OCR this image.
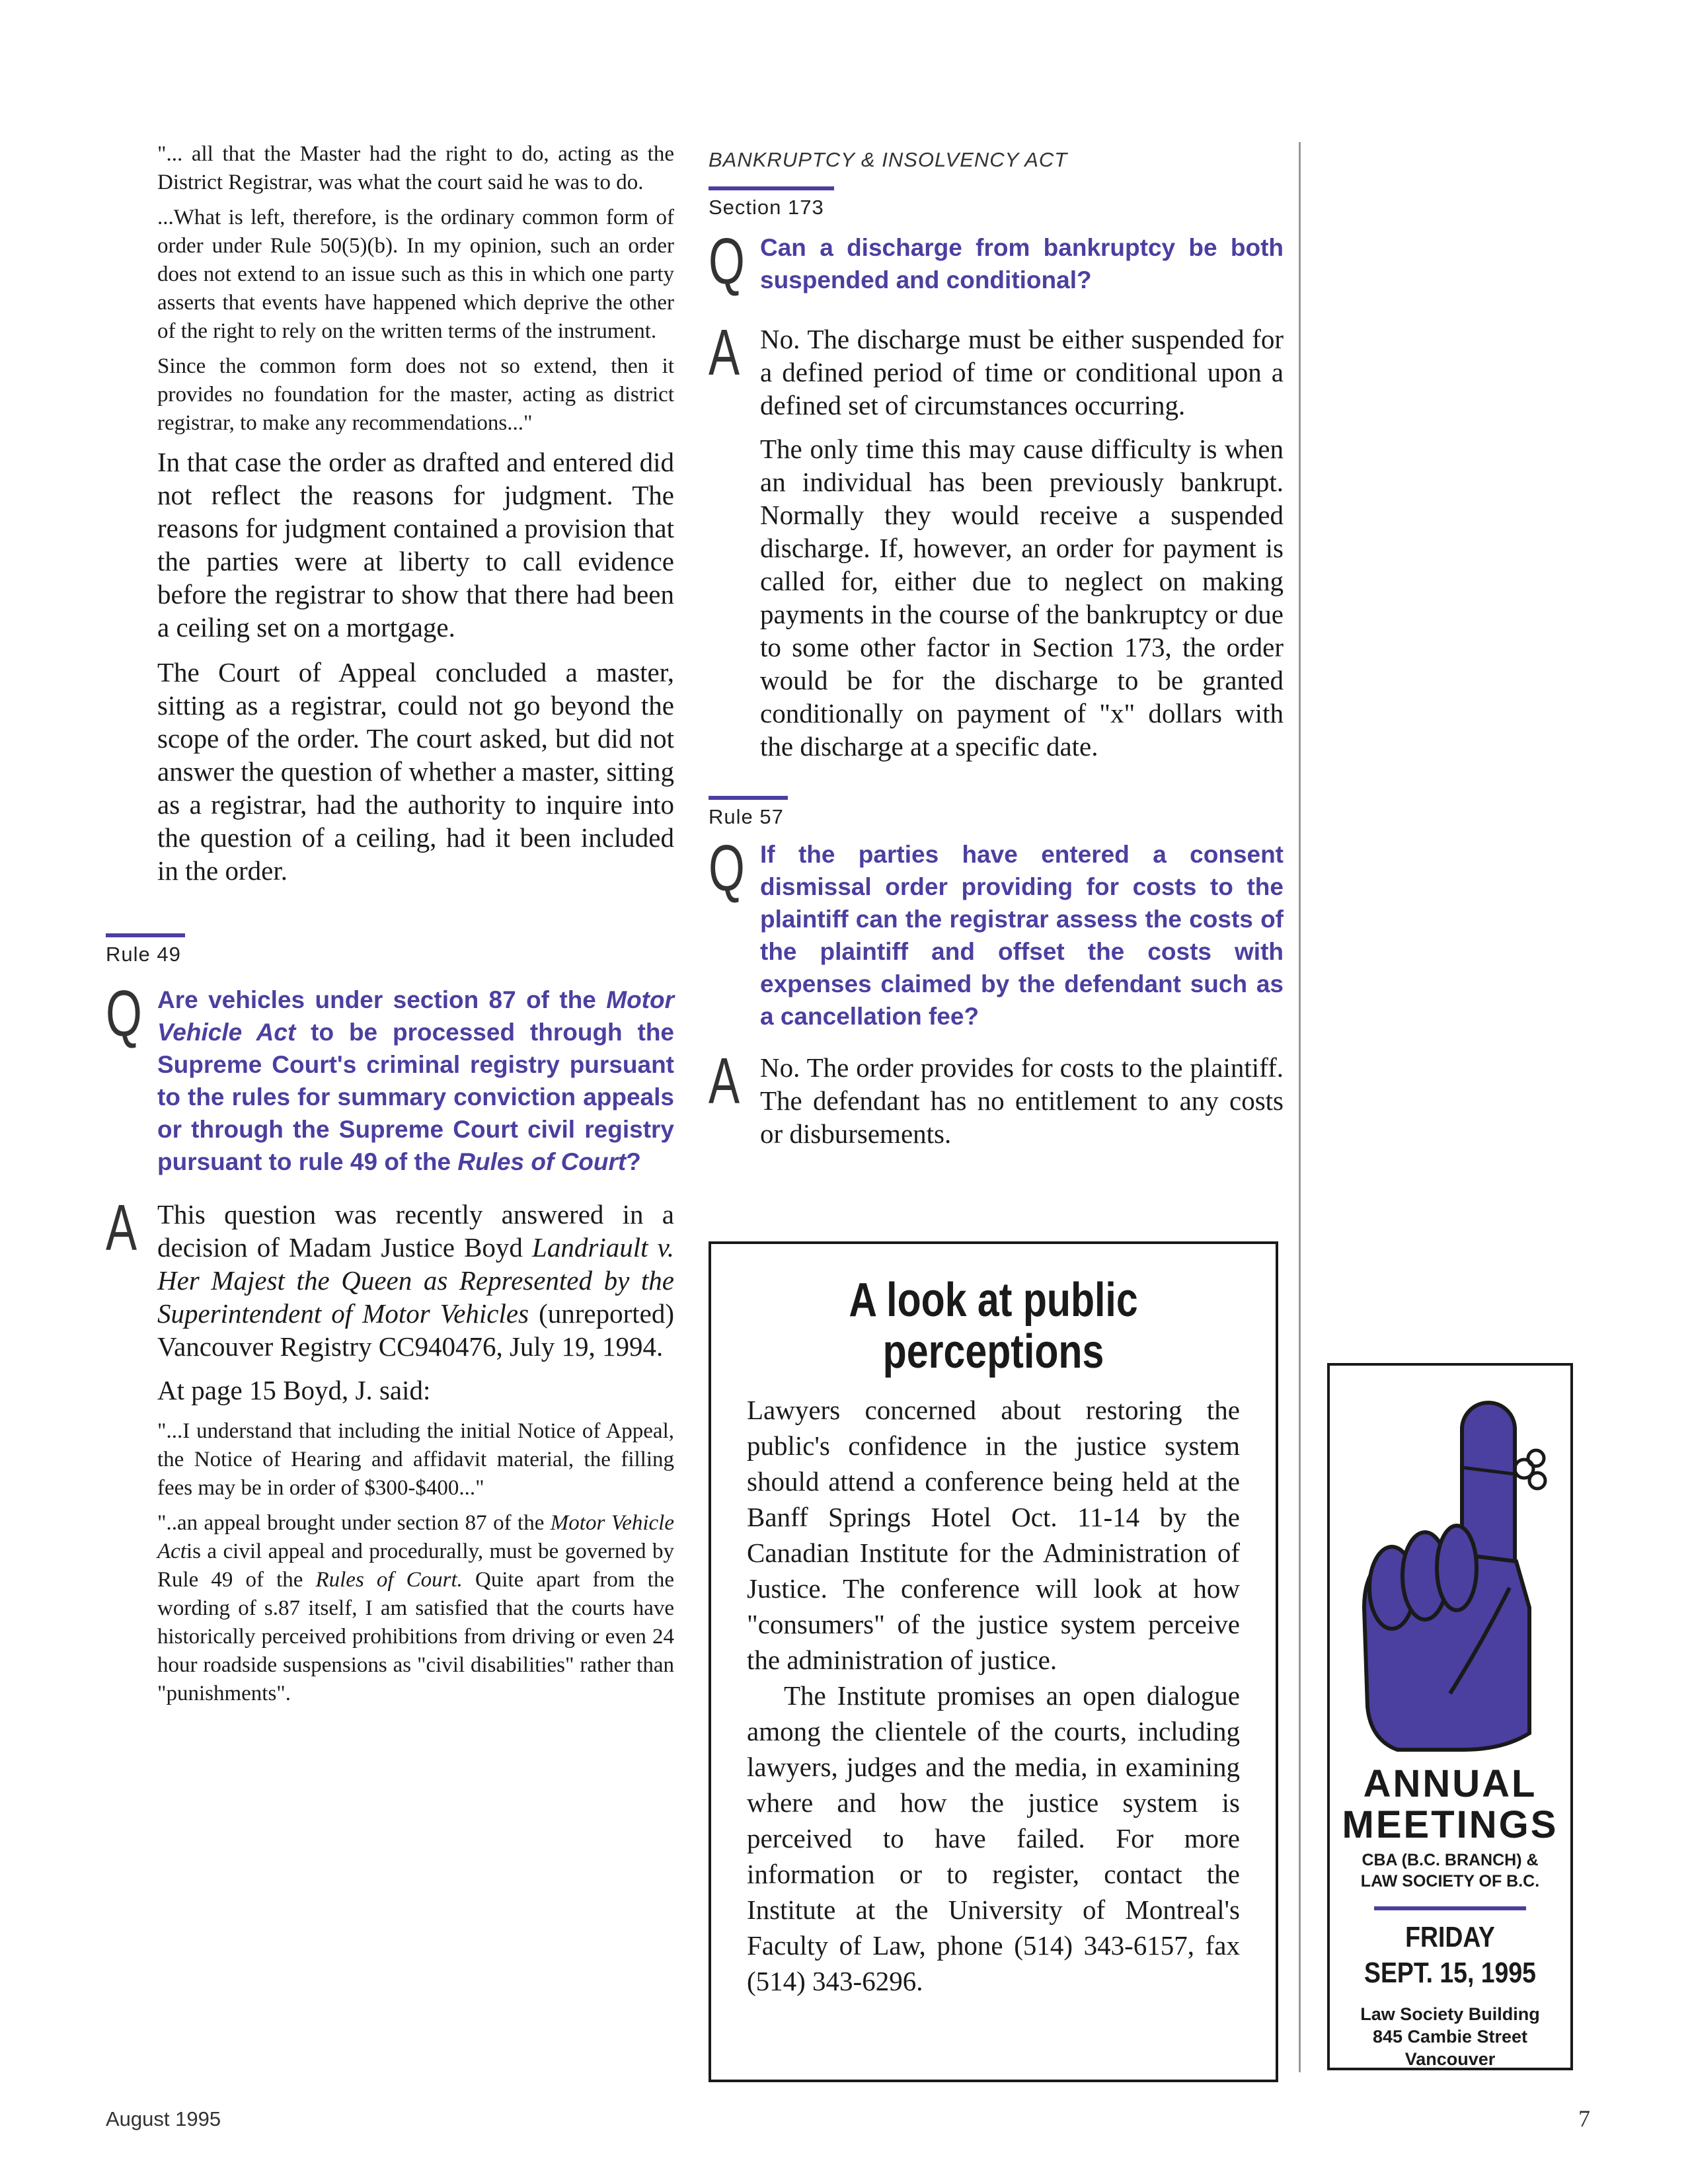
"... all that the Master had the right to do, acting as the District Registrar, was what the court said he was to do.

...What is left, therefore, is the ordinary common form of order under Rule 50(5)(b). In my opinion, such an order does not extend to an issue such as this in which one party asserts that events have happened which deprive the other of the right to rely on the written terms of the instrument.

Since the common form does not so extend, then it provides no foundation for the master, acting as district registrar, to make any recommendations..."

In that case the order as drafted and entered did not reflect the reasons for judgment. The reasons for judgment contained a provision that the parties were at liberty to call evidence before the registrar to show that there had been a ceiling set on a mortgage.

The Court of Appeal concluded a master, sitting as a registrar, could not go beyond the scope of the order. The court asked, but did not answer the question of whether a master, sitting as a registrar, had the authority to inquire into the question of a ceiling, had it been included in the order.

Rule 49
Q Are vehicles under section 87 of the Motor Vehicle Act to be processed through the Supreme Court's criminal registry pursuant to the rules for summary conviction appeals or through the Supreme Court civil registry pursuant to rule 49 of the Rules of Court?
A This question was recently answered in a decision of Madam Justice Boyd Landriault v. Her Majest the Queen as Represented by the Superintendent of Motor Vehicles (unreported) Vancouver Registry CC940476, July 19, 1994.

At page 15 Boyd, J. said:

"...I understand that including the initial Notice of Appeal, the Notice of Hearing and affidavit material, the filling fees may be in order of $300-$400..."

"..an appeal brought under section 87 of the Motor Vehicle Actis a civil appeal and procedurally, must be governed by Rule 49 of the Rules of Court. Quite apart from the wording of s.87 itself, I am satisfied that the courts have historically perceived prohibitions from driving or even 24 hour roadside suspensions as "civil disabilities" rather than "punishments".

BANKRUPTCY & INSOLVENCY ACT
Section 173
Q Can a discharge from bankruptcy be both suspended and conditional?
A No. The discharge must be either suspended for a defined period of time or conditional upon a defined set of circumstances occurring.

The only time this may cause difficulty is when an individual has been previously bankrupt. Normally they would receive a suspended discharge. If, however, an order for payment is called for, either due to neglect on making payments in the course of the bankruptcy or due to some other factor in Section 173, the order would be for the discharge to be granted conditionally on payment of "x" dollars with the discharge at a specific date.

Rule 57
Q If the parties have entered a consent dismissal order providing for costs to the plaintiff can the registrar assess the costs of the plaintiff and offset the costs with expenses claimed by the defendant such as a cancellation fee?
A No. The order provides for costs to the plaintiff. The defendant has no entitlement to any costs or disbursements.
A look at public perceptions

Lawyers concerned about restoring the public's confidence in the justice system should attend a conference being held at the Banff Springs Hotel Oct. 11-14 by the Canadian Institute for the Administration of Justice. The conference will look at how "consumers" of the justice system perceive the administration of justice.

The Institute promises an open dialogue among the clientele of the courts, including lawyers, judges and the media, in examining where and how the justice system is perceived to have failed. For more information or to register, contact the Institute at the University of Montreal's Faculty of Law, phone (514) 343-6157, fax (514) 343-6296.

ANNUAL
MEETINGS
CBA (B.C. BRANCH) &
LAW SOCIETY OF B.C.
FRIDAY
SEPT. 15, 1995
Law Society Building
845 Cambie Street
Vancouver
August 1995	7
